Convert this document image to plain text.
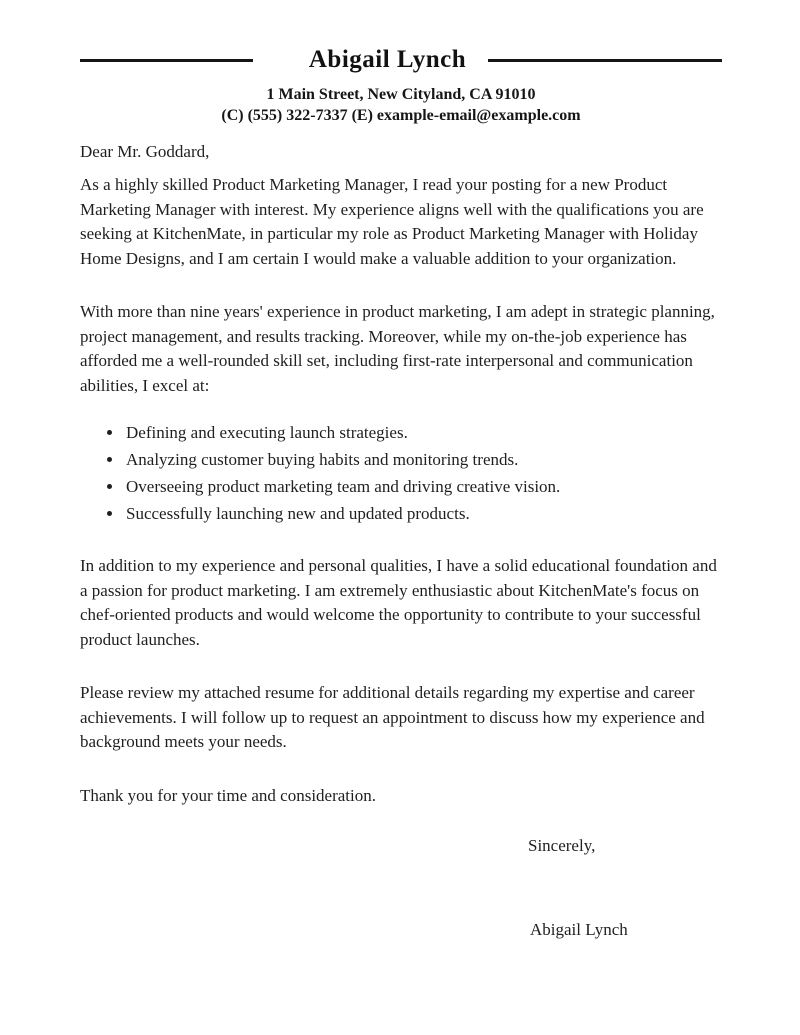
Abigail Lynch
1 Main Street, New Cityland, CA 91010
(C) (555) 322-7337 (E) example-email@example.com
Dear Mr. Goddard,

As a highly skilled Product Marketing Manager, I read your posting for a new Product Marketing Manager with interest. My experience aligns well with the qualifications you are seeking at KitchenMate, in particular my role as Product Marketing Manager with Holiday Home Designs, and I am certain I would make a valuable addition to your organization.

With more than nine years' experience in product marketing, I am adept in strategic planning, project management, and results tracking. Moreover, while my on-the-job experience has afforded me a well-rounded skill set, including first-rate interpersonal and communication abilities, I excel at:

• Defining and executing launch strategies.
• Analyzing customer buying habits and monitoring trends.
• Overseeing product marketing team and driving creative vision.
• Successfully launching new and updated products.

In addition to my experience and personal qualities, I have a solid educational foundation and a passion for product marketing. I am extremely enthusiastic about KitchenMate's focus on chef-oriented products and would welcome the opportunity to contribute to your successful product launches.

Please review my attached resume for additional details regarding my expertise and career achievements. I will follow up to request an appointment to discuss how my experience and background meets your needs.

Thank you for your time and consideration.

Sincerely,
Abigail Lynch
